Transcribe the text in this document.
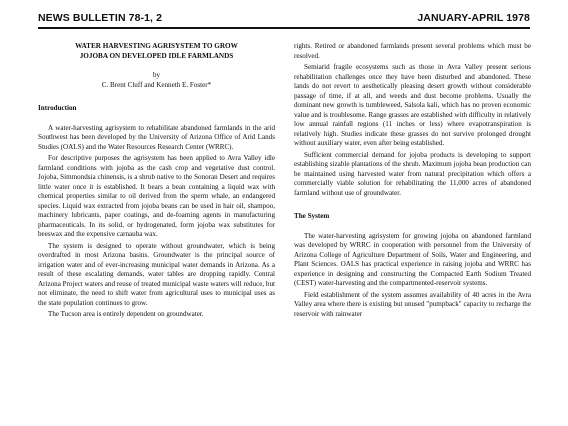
NEWS BULLETIN 78-1, 2	JANUARY-APRIL 1978
WATER HARVESTING AGRISYSTEM TO GROW
JOJOBA ON DEVELOPED IDLE FARMLANDS
by
C. Brent Cluff and Kenneth E. Foster*
Introduction

A water-harvesting agrisystem to rehabilitate abandoned farmlands in the arid Southwest has been developed by the University of Arizona Office of Arid Lands Studies (OALS) and the Water Resources Research Center (WRRC).

For descriptive purposes the agrisystem has been applied to Avra Valley idle farmland conditions with jojoba as the cash crop and vegetative dust control. Jojoba, Simmondsia chinensis, is a shrub native to the Sonoran Desert and requires little water once it is established. It bears a bean containing a liquid wax with chemical properties similar to oil derived from the sperm whale, an endangered species. Liquid wax extracted from jojoba beans can be used in hair oil, shampoo, machinery lubricants, paper coatings, and de-foaming agents in manufacturing pharmaceuticals. In its solid, or hydrogenated, form jojoba wax substitutes for beeswax and the expensive carnauba wax.

The system is designed to operate without groundwater, which is being overdrafted in most Arizona basins. Groundwater is the principal source of irrigation water and of ever-increasing municipal water demands in Arizona. As a result of these escalating demands, water tables are dropping rapidly. Central Arizona Project waters and reuse of treated municipal waste waters will reduce, but not eliminate, the need to shift water from agricultural uses to municipal uses as the state population continues to grow.

The Tucson area is entirely dependent on groundwater.

rights. Retired or abandoned farmlands present several problems which must be resolved.

Semiarid fragile ecosystems such as those in Avra Valley present serious rehabilitation challenges once they have been disturbed and abandoned. These lands do not revert to aesthetically pleasing desert growth without considerable passage of time, if at all, and weeds and dust become problems. Usually the dominant new growth is tumbleweed, Salsola kali, which has no proven economic value and is troublesome. Range grasses are established with difficulty in relatively low annual rainfall regions (11 inches or less) where evapotranspiration is relatively high. Studies indicate these grasses do not survive prolonged drought without auxiliary water, even after being established.

Sufficient commercial demand for jojoba products is developing to support establishing sizable plantations of the shrub. Maximum jojoba bean production can be maintained using harvested water from natural precipitation which offers a commercially viable solution for rehabilitating the 11,000 acres of abandoned farmland without use of groundwater.

The System

The water-harvesting agrisystem for growing jojoba on abandoned farmland was developed by WRRC in cooperation with personnel from the University of Arizona College of Agriculture Department of Soils, Water and Engineering, and Plant Sciences. OALS has practical experience in raising jojoba and WRRC has experience in designing and constructing the Compacted Earth Sodium Treated (CEST) water-harvesting and the compartmented-reservoir systems.

Field establishment of the system assumes availability of 40 acres in the Avra Valley area where there is existing but unused "pumpback" capacity to recharge the reservoir with rainwater
